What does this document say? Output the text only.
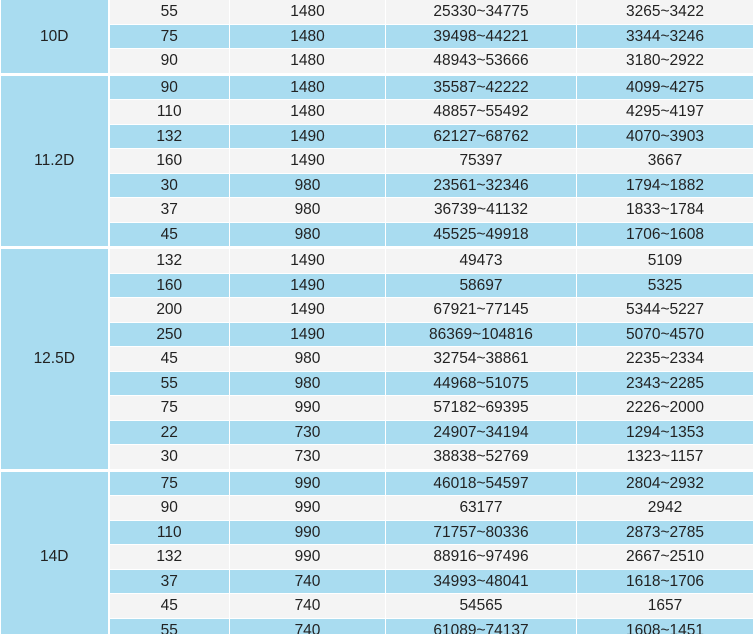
10D	55	1480	25330~34775	3265~3422
	75	1480	39498~44221	3344~3246
	90	1480	48943~53666	3180~2922
11.2D	90	1480	35587~42222	4099~4275
	110	1480	48857~55492	4295~4197
	132	1490	62127~68762	4070~3903
	160	1490	75397	3667
	30	980	23561~32346	1794~1882
	37	980	36739~41132	1833~1784
	45	980	45525~49918	1706~1608
12.5D	132	1490	49473	5109
	160	1490	58697	5325
	200	1490	67921~77145	5344~5227
	250	1490	86369~104816	5070~4570
	45	980	32754~38861	2235~2334
	55	980	44968~51075	2343~2285
	75	990	57182~69395	2226~2000
	22	730	24907~34194	1294~1353
	30	730	38838~52769	1323~1157
14D	75	990	46018~54597	2804~2932
	90	990	63177	2942
	110	990	71757~80336	2873~2785
	132	990	88916~97496	2667~2510
	37	740	34993~48041	1618~1706
	45	740	54565	1657
	55	740	61089~74137	1608~1451
